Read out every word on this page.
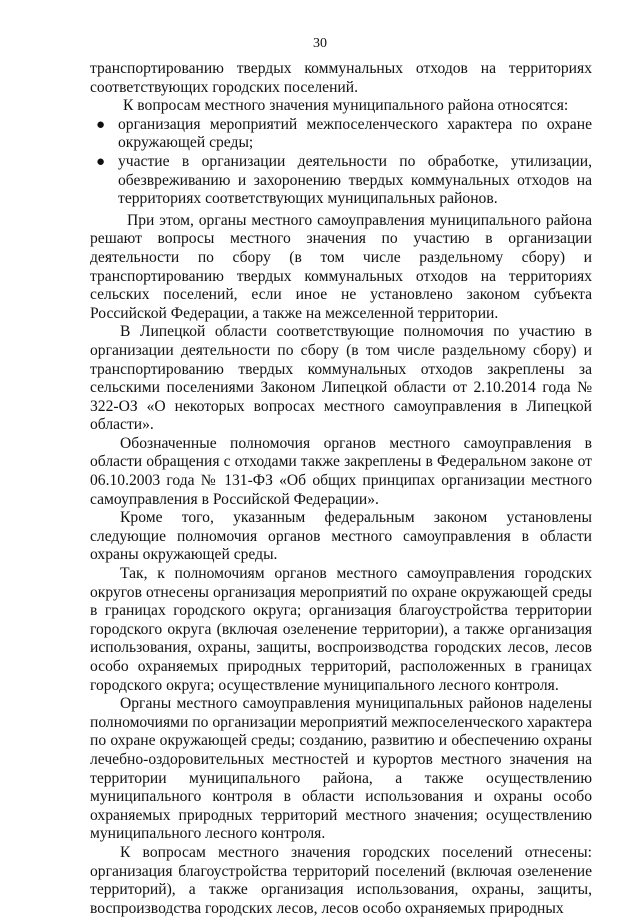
30

транспортированию твердых коммунальных отходов на территориях соответствующих городских поселений.

К вопросам местного значения муниципального района относятся:

● организация мероприятий межпоселенческого характера по охране окружающей среды;
● участие в организации деятельности по обработке, утилизации, обезвреживанию и захоронению твердых коммунальных отходов на территориях соответствующих муниципальных районов.

При этом, органы местного самоуправления муниципального района решают вопросы местного значения по участию в организации деятельности по сбору (в том числе раздельному сбору) и транспортированию твердых коммунальных отходов на территориях сельских поселений, если иное не установлено законом субъекта Российской Федерации, а также на межселенной территории.

В Липецкой области соответствующие полномочия по участию в организации деятельности по сбору (в том числе раздельному сбору) и транспортированию твердых коммунальных отходов закреплены за сельскими поселениями Законом Липецкой области от 2.10.2014 года № 322-ОЗ «О некоторых вопросах местного самоуправления в Липецкой области».

Обозначенные полномочия органов местного самоуправления в области обращения с отходами также закреплены в Федеральном законе от 06.10.2003 года № 131-ФЗ «Об общих принципах организации местного самоуправления в Российской Федерации».

Кроме того, указанным федеральным законом установлены следующие полномочия органов местного самоуправления в области охраны окружающей среды.

Так, к полномочиям органов местного самоуправления городских округов отнесены организация мероприятий по охране окружающей среды в границах городского округа; организация благоустройства территории городского округа (включая озеленение территории), а также организация использования, охраны, защиты, воспроизводства городских лесов, лесов особо охраняемых природных территорий, расположенных в границах городского округа; осуществление муниципального лесного контроля.

Органы местного самоуправления муниципальных районов наделены полномочиями по организации мероприятий межпоселенческого характера по охране окружающей среды; созданию, развитию и обеспечению охраны лечебно-оздоровительных местностей и курортов местного значения на территории муниципального района, а также осуществлению муниципального контроля в области использования и охраны особо охраняемых природных территорий местного значения; осуществлению муниципального лесного контроля.

К вопросам местного значения городских поселений отнесены: организация благоустройства территорий поселений (включая озеленение территорий), а также организация использования, охраны, защиты, воспроизводства городских лесов, лесов особо охраняемых природных
